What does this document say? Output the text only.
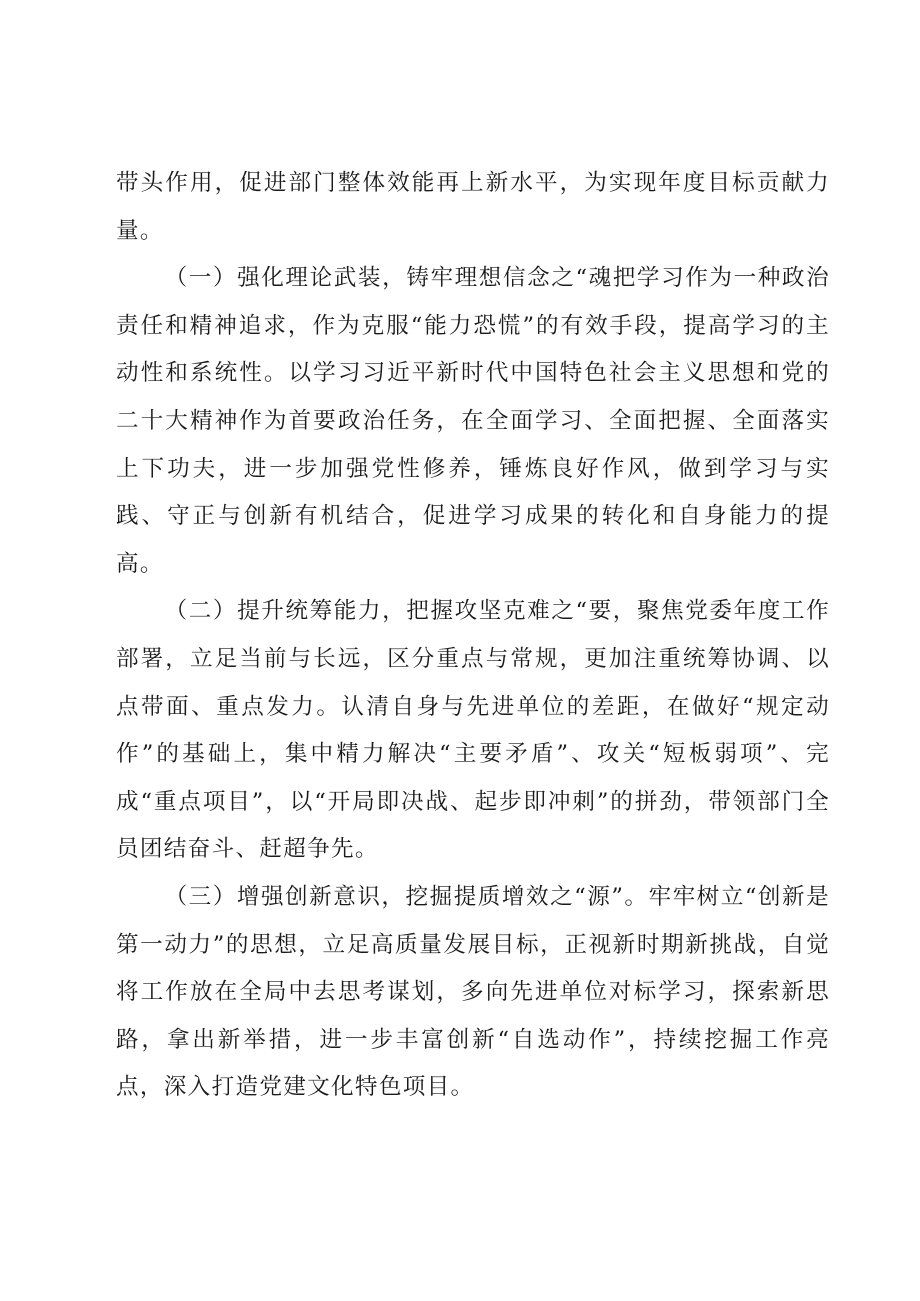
带头作用，促进部门整体效能再上新水平，为实现年度目标贡献力量。

（一）强化理论武装，铸牢理想信念之“魂把学习作为一种政治责任和精神追求，作为克服“能力恐慌”的有效手段，提高学习的主动性和系统性。以学习习近平新时代中国特色社会主义思想和党的二十大精神作为首要政治任务，在全面学习、全面把握、全面落实上下功夫，进一步加强党性修养，锤炼良好作风，做到学习与实践、守正与创新有机结合，促进学习成果的转化和自身能力的提高。

（二）提升统筹能力，把握攻坚克难之“要，聚焦党委年度工作部署，立足当前与长远，区分重点与常规，更加注重统筹协调、以点带面、重点发力。认清自身与先进单位的差距，在做好“规定动作”的基础上，集中精力解决“主要矛盾”、攻关“短板弱项”、完成“重点项目”，以“开局即决战、起步即冲刺”的拼劲，带领部门全员团结奋斗、赶超争先。

（三）增强创新意识，挖掘提质增效之“源”。牢牢树立“创新是第一动力”的思想，立足高质量发展目标，正视新时期新挑战，自觉将工作放在全局中去思考谋划，多向先进单位对标学习，探索新思路，拿出新举措，进一步丰富创新“自选动作”，持续挖掘工作亮点，深入打造党建文化特色项目。
